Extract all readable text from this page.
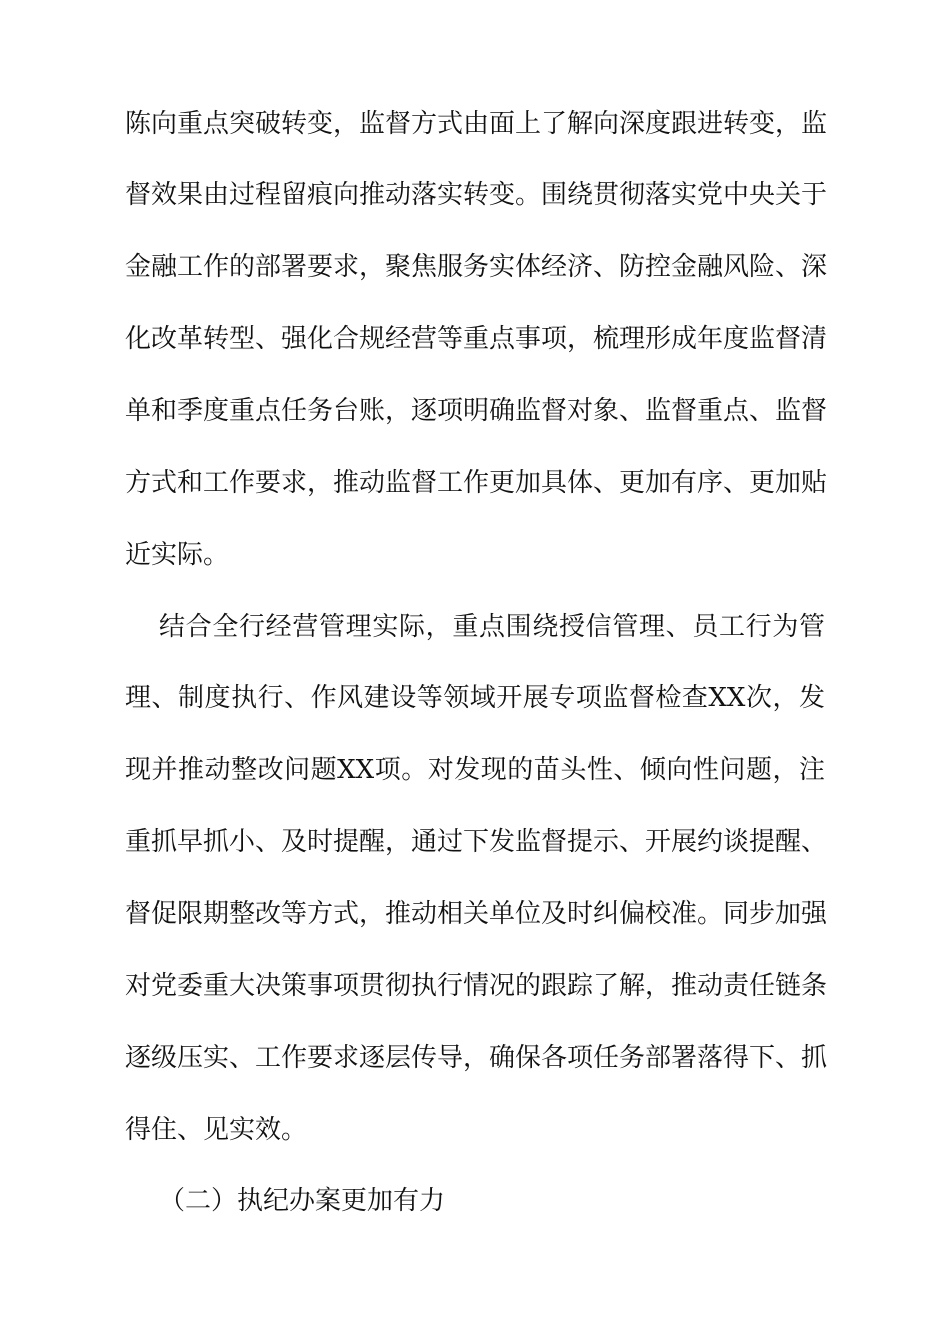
陈向重点突破转变，监督方式由面上了解向深度跟进转变，监
督效果由过程留痕向推动落实转变。围绕贯彻落实党中央关于
金融工作的部署要求，聚焦服务实体经济、防控金融风险、深
化改革转型、强化合规经营等重点事项，梳理形成年度监督清
单和季度重点任务台账，逐项明确监督对象、监督重点、监督
方式和工作要求，推动监督工作更加具体、更加有序、更加贴
近实际。
结合全行经营管理实际，重点围绕授信管理、员工行为管
理、制度执行、作风建设等领域开展专项监督检查XX次，发
现并推动整改问题XX项。对发现的苗头性、倾向性问题，注
重抓早抓小、及时提醒，通过下发监督提示、开展约谈提醒、
督促限期整改等方式，推动相关单位及时纠偏校准。同步加强
对党委重大决策事项贯彻执行情况的跟踪了解，推动责任链条
逐级压实、工作要求逐层传导，确保各项任务部署落得下、抓
得住、见实效。
（二）执纪办案更加有力
